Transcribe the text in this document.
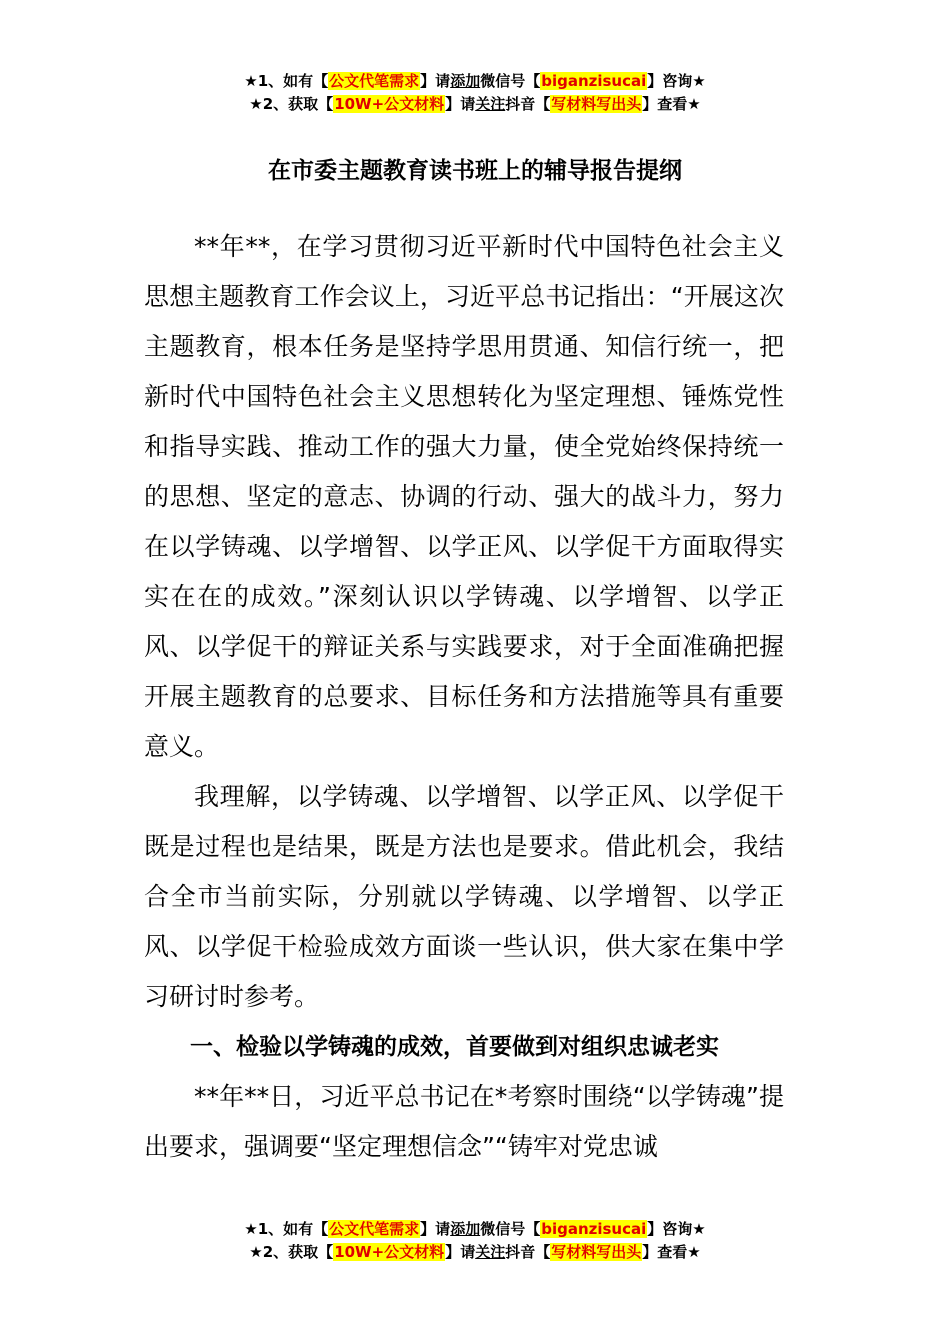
★1、如有【公文代笔需求】请添加微信号【biganzisucai】咨询★
★2、获取【10W+公文材料】请关注抖音【写材料写出头】查看★
在市委主题教育读书班上的辅导报告提纲

**年**，在学习贯彻习近平新时代中国特色社会主义思想主题教育工作会议上，习近平总书记指出：“开展这次主题教育，根本任务是坚持学思用贯通、知信行统一，把新时代中国特色社会主义思想转化为坚定理想、锤炼党性和指导实践、推动工作的强大力量，使全党始终保持统一的思想、坚定的意志、协调的行动、强大的战斗力，努力在以学铸魂、以学增智、以学正风、以学促干方面取得实实在在的成效。”深刻认识以学铸魂、以学增智、以学正风、以学促干的辩证关系与实践要求，对于全面准确把握开展主题教育的总要求、目标任务和方法措施等具有重要意义。

我理解，以学铸魂、以学增智、以学正风、以学促干既是过程也是结果，既是方法也是要求。借此机会，我结合全市当前实际，分别就以学铸魂、以学增智、以学正风、以学促干检验成效方面谈一些认识，供大家在集中学习研讨时参考。

一、检验以学铸魂的成效，首要做到对组织忠诚老实

**年**日，习近平总书记在*考察时围绕“以学铸魂”提出要求，强调要“坚定理想信念”“铸牢对党忠诚

★1、如有【公文代笔需求】请添加微信号【biganzisucai】咨询★
★2、获取【10W+公文材料】请关注抖音【写材料写出头】查看★
